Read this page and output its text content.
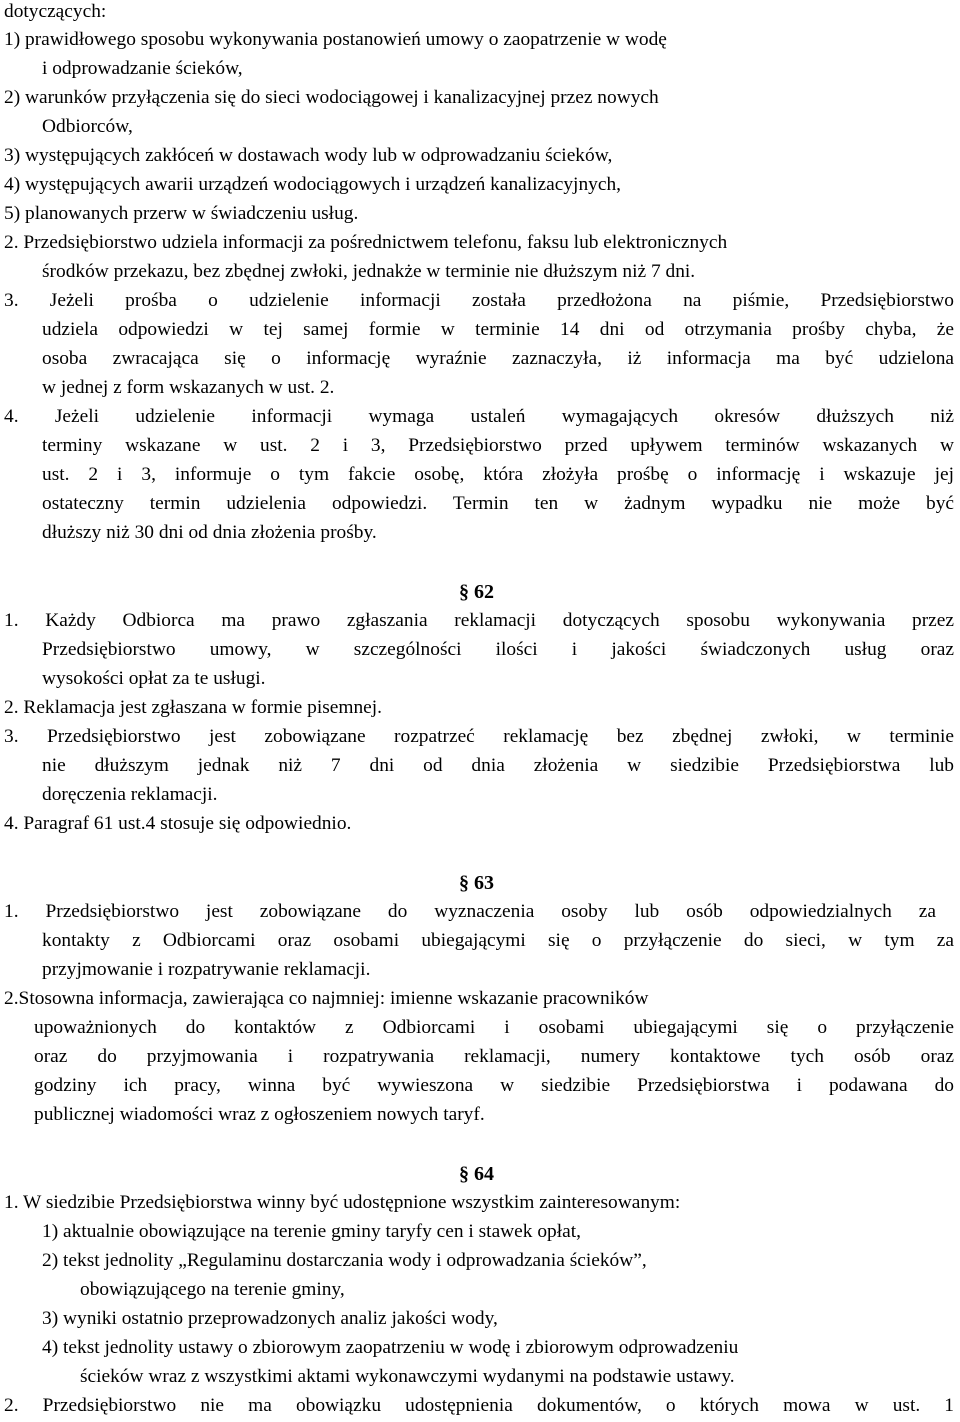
dotyczących:
1) prawidłowego sposobu wykonywania postanowień umowy o zaopatrzenie w wodę
i odprowadzanie ścieków,
2) warunków przyłączenia się do sieci wodociągowej i kanalizacyjnej przez nowych
Odbiorców,
3) występujących zakłóceń w dostawach wody lub w odprowadzaniu ścieków,
4) występujących awarii urządzeń wodociągowych i urządzeń kanalizacyjnych,
5) planowanych przerw w świadczeniu usług.
2. Przedsiębiorstwo udziela informacji za pośrednictwem telefonu, faksu lub elektronicznych
środków przekazu, bez zbędnej zwłoki, jednakże w terminie nie dłuższym niż 7 dni.
3. Jeżeli prośba o udzielenie informacji została przedłożona na piśmie, Przedsiębiorstwo
udziela odpowiedzi w tej samej formie w terminie 14 dni od otrzymania prośby chyba, że
osoba zwracająca się o informację wyraźnie zaznaczyła, iż informacja ma być udzielona
w jednej z form wskazanych w ust. 2.
4. Jeżeli udzielenie informacji wymaga ustaleń wymagających okresów dłuższych niż
terminy wskazane w ust. 2 i 3, Przedsiębiorstwo przed upływem terminów wskazanych w
ust. 2 i 3, informuje o tym fakcie osobę, która złożyła prośbę o informację i wskazuje jej
ostateczny termin udzielenia odpowiedzi. Termin ten w żadnym wypadku nie może być
dłuższy niż 30 dni od dnia złożenia prośby.
§ 62
1. Każdy Odbiorca ma prawo zgłaszania reklamacji dotyczących sposobu wykonywania przez
Przedsiębiorstwo umowy, w szczególności ilości i jakości świadczonych usług oraz
wysokości opłat za te usługi.
2. Reklamacja jest zgłaszana w formie pisemnej.
3. Przedsiębiorstwo jest zobowiązane rozpatrzeć reklamację bez zbędnej zwłoki, w terminie
nie dłuższym jednak niż 7 dni od dnia złożenia w siedzibie Przedsiębiorstwa lub
doręczenia reklamacji.
4. Paragraf 61 ust.4 stosuje się odpowiednio.
§ 63
1. Przedsiębiorstwo jest zobowiązane do wyznaczenia osoby lub osób odpowiedzialnych za
kontakty z Odbiorcami oraz osobami ubiegającymi się o przyłączenie do sieci, w tym za
przyjmowanie i rozpatrywanie reklamacji.
2.Stosowna informacja, zawierająca co najmniej: imienne wskazanie pracowników
upoważnionych do kontaktów z Odbiorcami i osobami ubiegającymi się o przyłączenie
oraz do przyjmowania i rozpatrywania reklamacji, numery kontaktowe tych osób oraz
godziny ich pracy, winna być wywieszona w siedzibie Przedsiębiorstwa i podawana do
publicznej wiadomości wraz z ogłoszeniem nowych taryf.
§ 64
1. W siedzibie Przedsiębiorstwa winny być udostępnione wszystkim zainteresowanym:
1) aktualnie obowiązujące na terenie gminy taryfy cen i stawek opłat,
2) tekst jednolity „Regulaminu dostarczania wody i odprowadzania ścieków”,
obowiązującego na terenie gminy,
3) wyniki ostatnio przeprowadzonych analiz jakości wody,
4) tekst jednolity ustawy o zbiorowym zaopatrzeniu w wodę i zbiorowym odprowadzeniu
ścieków wraz z wszystkimi aktami wykonawczymi wydanymi na podstawie ustawy.
2. Przedsiębiorstwo nie ma obowiązku udostępnienia dokumentów, o których mowa w ust. 1
